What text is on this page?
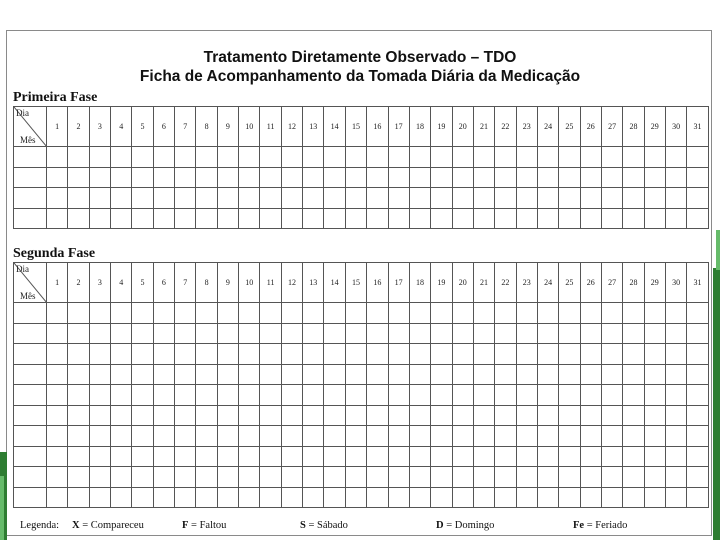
Tratamento Diretamente Observado – TDO
Ficha de Acompanhamento da Tomada Diária da Medicação
Primeira Fase
Dia
Mês	1	2	3	4	5	6	7	8	9	10	11	12	13	14	15	16	17	18	19	20	21	22	23	24	25	26	27	28	29	30	31

Segunda Fase
Dia
Mês	1	2	3	4	5	6	7	8	9	10	11	12	13	14	15	16	17	18	19	20	21	22	23	24	25	26	27	28	29	30	31

Legenda: X = Compareceu	F = Faltou	S = Sábado	D = Domingo	Fe = Feriado
